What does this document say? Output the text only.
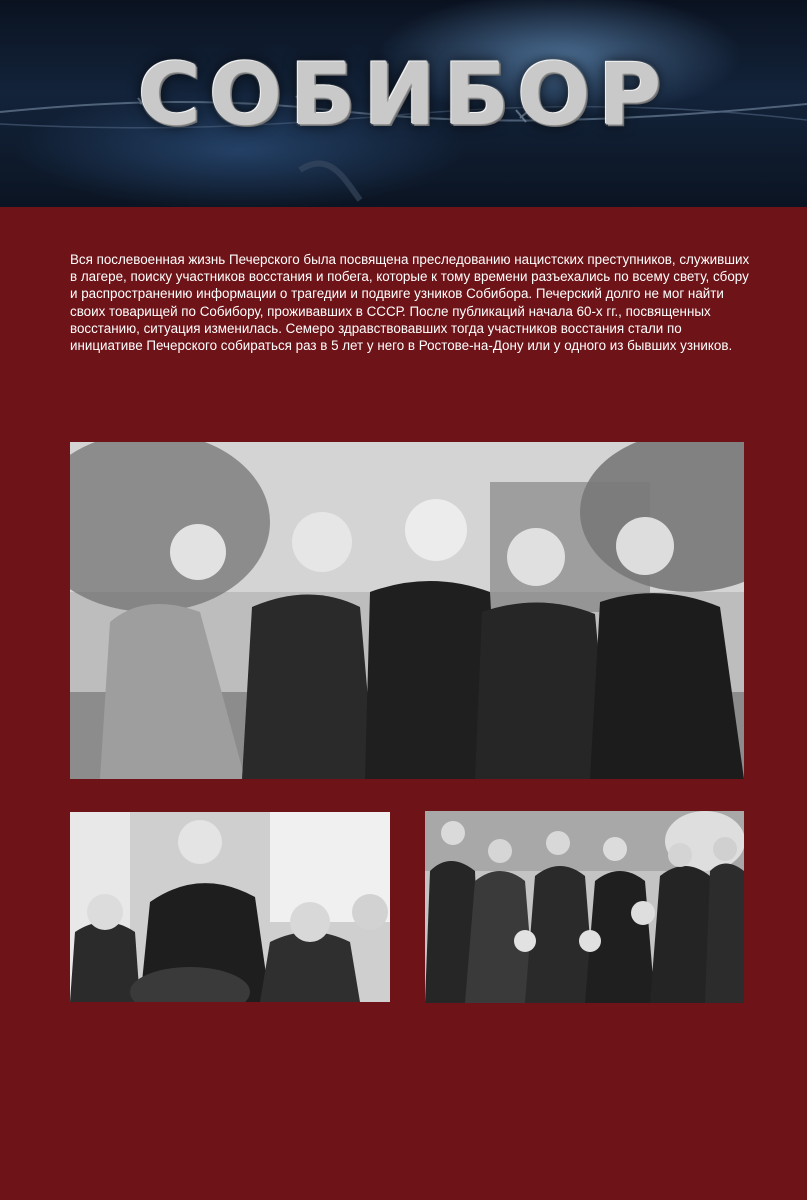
СОБИБОР

Вся послевоенная жизнь Печерского была посвящена преследованию нацистских преступников, служивших в лагере, поиску участников восстания и побега, которые к тому времени разъехались по всему свету, сбору и распространению информации о трагедии и подвиге узников Собибора. Печерский долго не мог найти своих товарищей по Собибору, проживавших в СССР. После публикаций начала 60-х гг., посвященных восстанию, ситуация изменилась. Семеро здравствовавших тогда участников восстания стали по инициативе Печерского собираться раз в 5 лет у него в Ростове-на-Дону или у одного из бывших узников.
